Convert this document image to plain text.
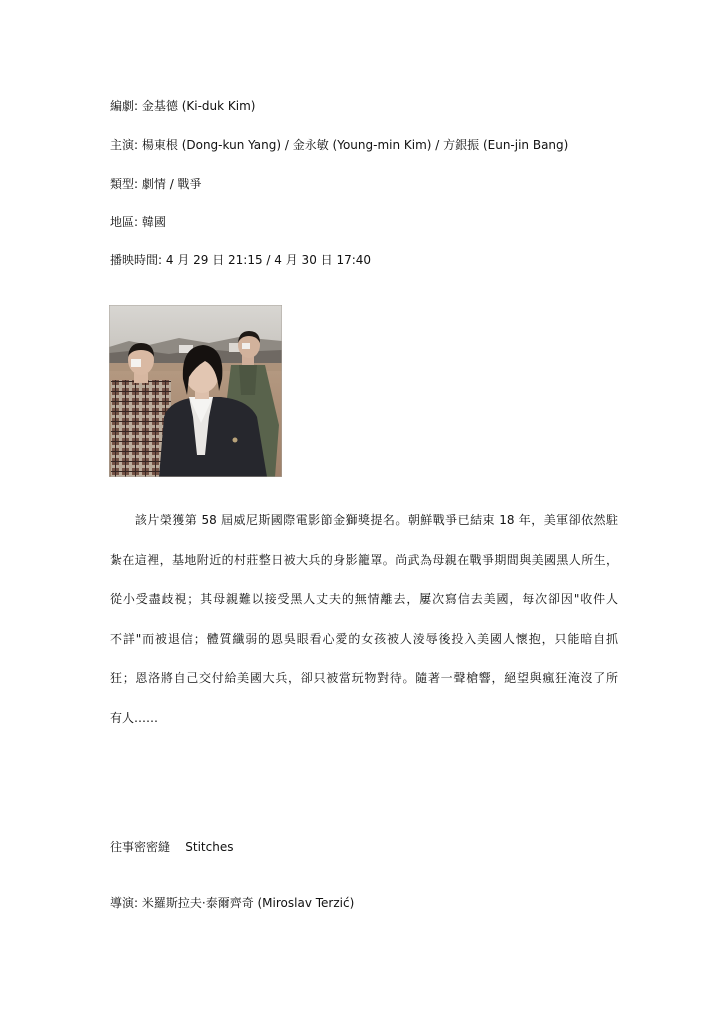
編劇: 金基德 (Ki-duk Kim)
主演: 楊東根 (Dong-kun Yang) / 金永敏 (Young-min Kim) / 方銀振 (Eun-jin Bang)
類型: 劇情 / 戰爭
地區: 韓國
播映時間: 4 月 29 日 21:15 / 4 月 30 日 17:40
　　該片榮獲第 58 屆威尼斯國際電影節金獅獎提名。朝鮮戰爭已結束 18 年，美軍卻依然駐
紮在這裡，基地附近的村莊整日被大兵的身影籠罩。尚武為母親在戰爭期間與美國黑人所生，
從小受盡歧視；其母親難以接受黑人丈夫的無情離去，屢次寫信去美國，每次卻因"收件人
不詳"而被退信；體質纖弱的恩吳眼看心愛的女孩被人淩辱後投入美國人懷抱，只能暗自抓
狂；恩洛將自己交付給美國大兵，卻只被當玩物對待。隨著一聲槍響，絕望與瘋狂淹沒了所
有人……
往事密密縫    Stitches
導演: 米羅斯拉夫·泰爾齊奇 (Miroslav Terzić)
